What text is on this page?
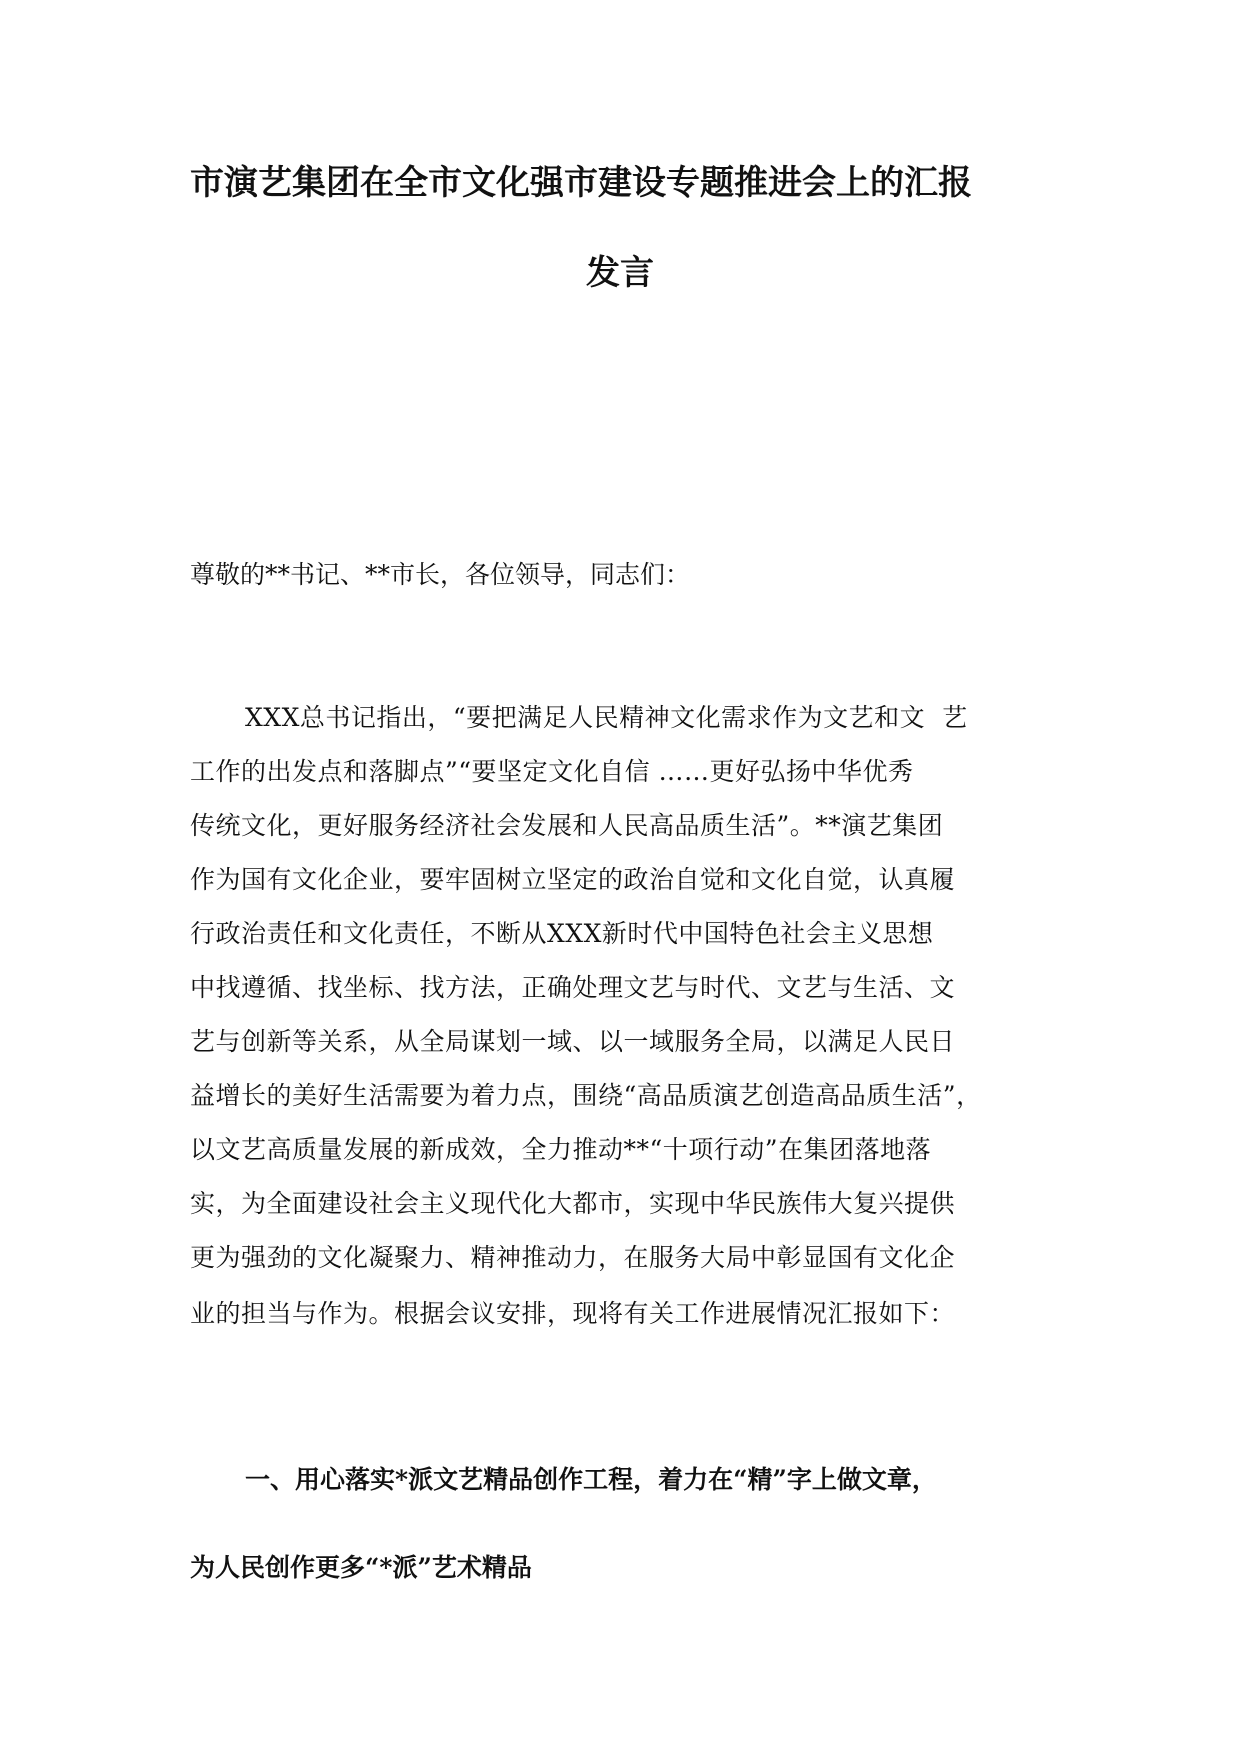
市演艺集团在全市文化强市建设专题推进会上的汇报
发言
尊敬的**书记、**市长，各位领导，同志们：
XXX总书记指出，“要把满足人民精神文化需求作为文艺和文  艺
工作的出发点和落脚点”“要坚定文化自信 ……更好弘扬中华优秀
传统文化，更好服务经济社会发展和人民高品质生活”。**演艺集团
作为国有文化企业，要牢固树立坚定的政治自觉和文化自觉，认真履
行政治责任和文化责任，不断从XXX新时代中国特色社会主义思想
中找遵循、找坐标、找方法，正确处理文艺与时代、文艺与生活、文
艺与创新等关系，从全局谋划一域、以一域服务全局，以满足人民日
益增长的美好生活需要为着力点，围绕“高品质演艺创造高品质生活”，
以文艺高质量发展的新成效，全力推动**“十项行动”在集团落地落
实，为全面建设社会主义现代化大都市，实现中华民族伟大复兴提供
更为强劲的文化凝聚力、精神推动力，在服务大局中彰显国有文化企
业的担当与作为。根据会议安排，现将有关工作进展情况汇报如下：
一、用心落实*派文艺精品创作工程，着力在“精”字上做文章，
为人民创作更多“*派”艺术精品
